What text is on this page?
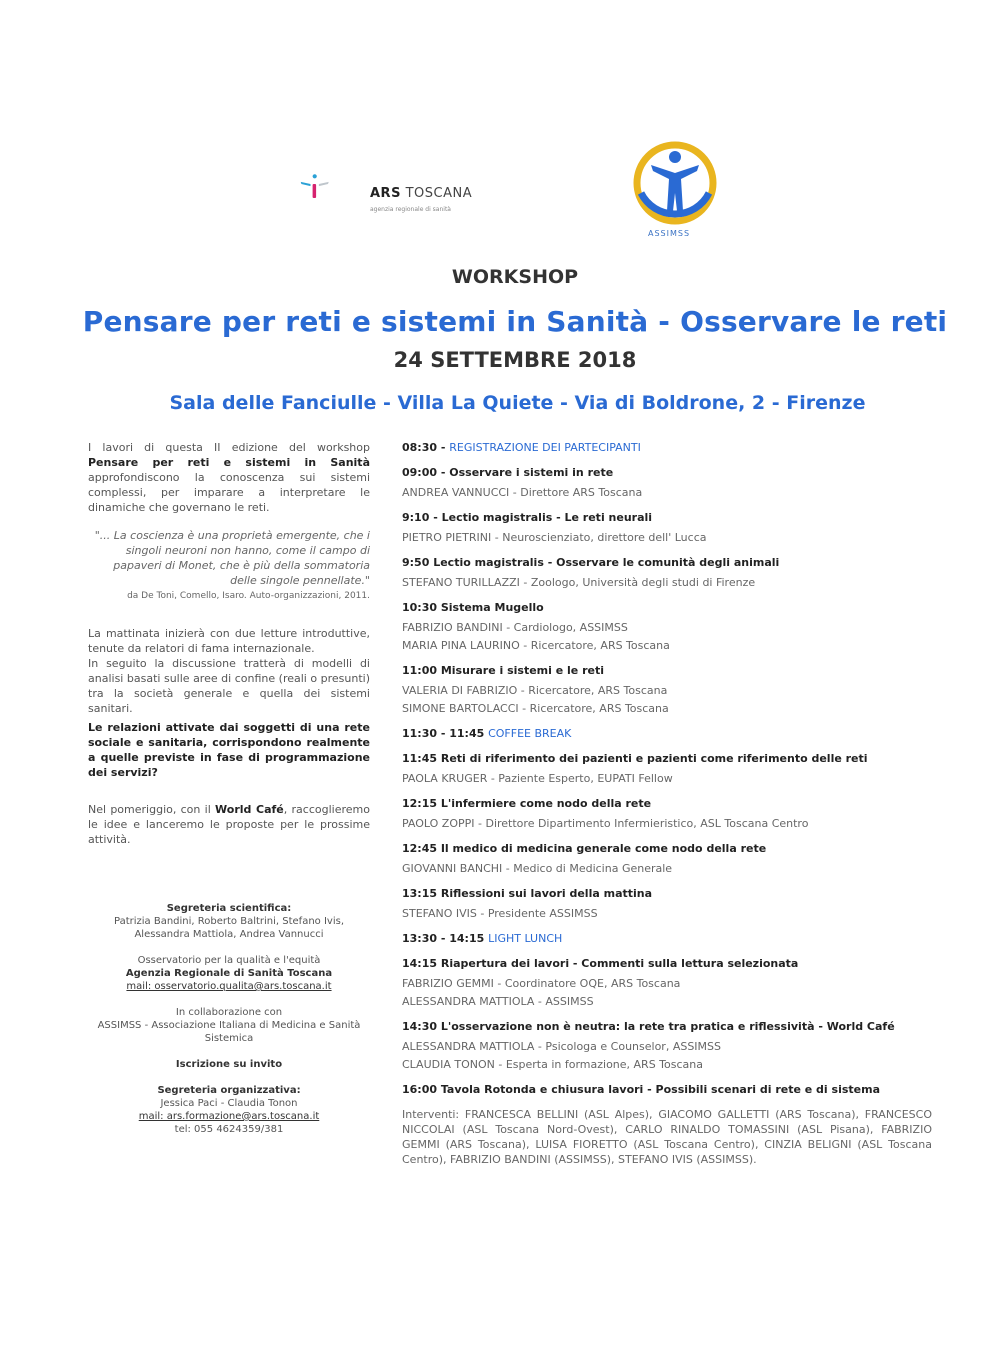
ARS TOSCANA
agenzia regionale di sanità
ASSIMSS
WORKSHOP
Pensare per reti e sistemi in Sanità - Osservare le reti
24 SETTEMBRE 2018
Sala delle Fanciulle - Villa La Quiete - Via di Boldrone, 2 - Firenze

I lavori di questa II edizione del workshop Pensare per reti e sistemi in Sanità approfondiscono la conoscenza sui sistemi complessi, per imparare a interpretare le dinamiche che governano le reti.

"... La coscienza è una proprietà emergente, che i singoli neuroni non hanno, come il campo di papaveri di Monet, che è più della sommatoria delle singole pennellate."

da De Toni, Comello, Isaro. Auto-organizzazioni, 2011.

La mattinata inizierà con due letture introduttive, tenute da relatori di fama internazionale.

In seguito la discussione tratterà di modelli di analisi basati sulle aree di confine (reali o presunti) tra la società generale e quella dei sistemi sanitari.

Le relazioni attivate dai soggetti di una rete sociale e sanitaria, corrispondono realmente a quelle previste in fase di programmazione dei servizi?

Nel pomeriggio, con il World Café, raccoglieremo le idee e lanceremo le proposte per le prossime attività.

Segreteria scientifica:
Patrizia Bandini, Roberto Baltrini, Stefano Ivis, Alessandra Mattiola, Andrea Vannucci
Osservatorio per la qualità e l'equità
Agenzia Regionale di Sanità Toscana
mail: osservatorio.qualita@ars.toscana.it
In collaborazione con
ASSIMSS - Associazione Italiana di Medicina e Sanità Sistemica
Iscrizione su invito
Segreteria organizzativa:
Jessica Paci - Claudia Tonon
mail: ars.formazione@ars.toscana.it
tel: 055 4624359/381
08:30 - REGISTRAZIONE DEI PARTECIPANTI
09:00 - Osservare i sistemi in rete
ANDREA VANNUCCI - Direttore ARS Toscana
9:10 - Lectio magistralis - Le reti neurali
PIETRO PIETRINI - Neuroscienziato, direttore dell' Lucca
9:50 Lectio magistralis - Osservare le comunità degli animali
STEFANO TURILLAZZI - Zoologo, Università degli studi di Firenze
10:30 Sistema Mugello
FABRIZIO BANDINI - Cardiologo, ASSIMSS
MARIA PINA LAURINO - Ricercatore, ARS Toscana
11:00 Misurare i sistemi e le reti
VALERIA DI FABRIZIO - Ricercatore, ARS Toscana
SIMONE BARTOLACCI - Ricercatore, ARS Toscana
11:30 - 11:45 COFFEE BREAK
11:45 Reti di riferimento dei pazienti e pazienti come riferimento delle reti
PAOLA KRUGER - Paziente Esperto, EUPATI Fellow
12:15 L'infermiere come nodo della rete
PAOLO ZOPPI - Direttore Dipartimento Infermieristico, ASL Toscana Centro
12:45 Il medico di medicina generale come nodo della rete
GIOVANNI BANCHI - Medico di Medicina Generale
13:15 Riflessioni sui lavori della mattina
STEFANO IVIS - Presidente ASSIMSS
13:30 - 14:15 LIGHT LUNCH
14:15 Riapertura dei lavori - Commenti sulla lettura selezionata
FABRIZIO GEMMI - Coordinatore OQE, ARS Toscana
ALESSANDRA MATTIOLA - ASSIMSS
14:30 L'osservazione non è neutra: la rete tra pratica e riflessività - World Café
ALESSANDRA MATTIOLA - Psicologa e Counselor, ASSIMSS
CLAUDIA TONON - Esperta in formazione, ARS Toscana
16:00 Tavola Rotonda e chiusura lavori - Possibili scenari di rete e di sistema
Interventi: FRANCESCA BELLINI (ASL Alpes), GIACOMO GALLETTI (ARS Toscana), FRANCESCO NICCOLAI (ASL Toscana Nord-Ovest), CARLO RINALDO TOMASSINI (ASL Pisana), FABRIZIO GEMMI (ARS Toscana), LUISA FIORETTO (ASL Toscana Centro), CINZIA BELIGNI (ASL Toscana Centro), FABRIZIO BANDINI (ASSIMSS), STEFANO IVIS (ASSIMSS).
